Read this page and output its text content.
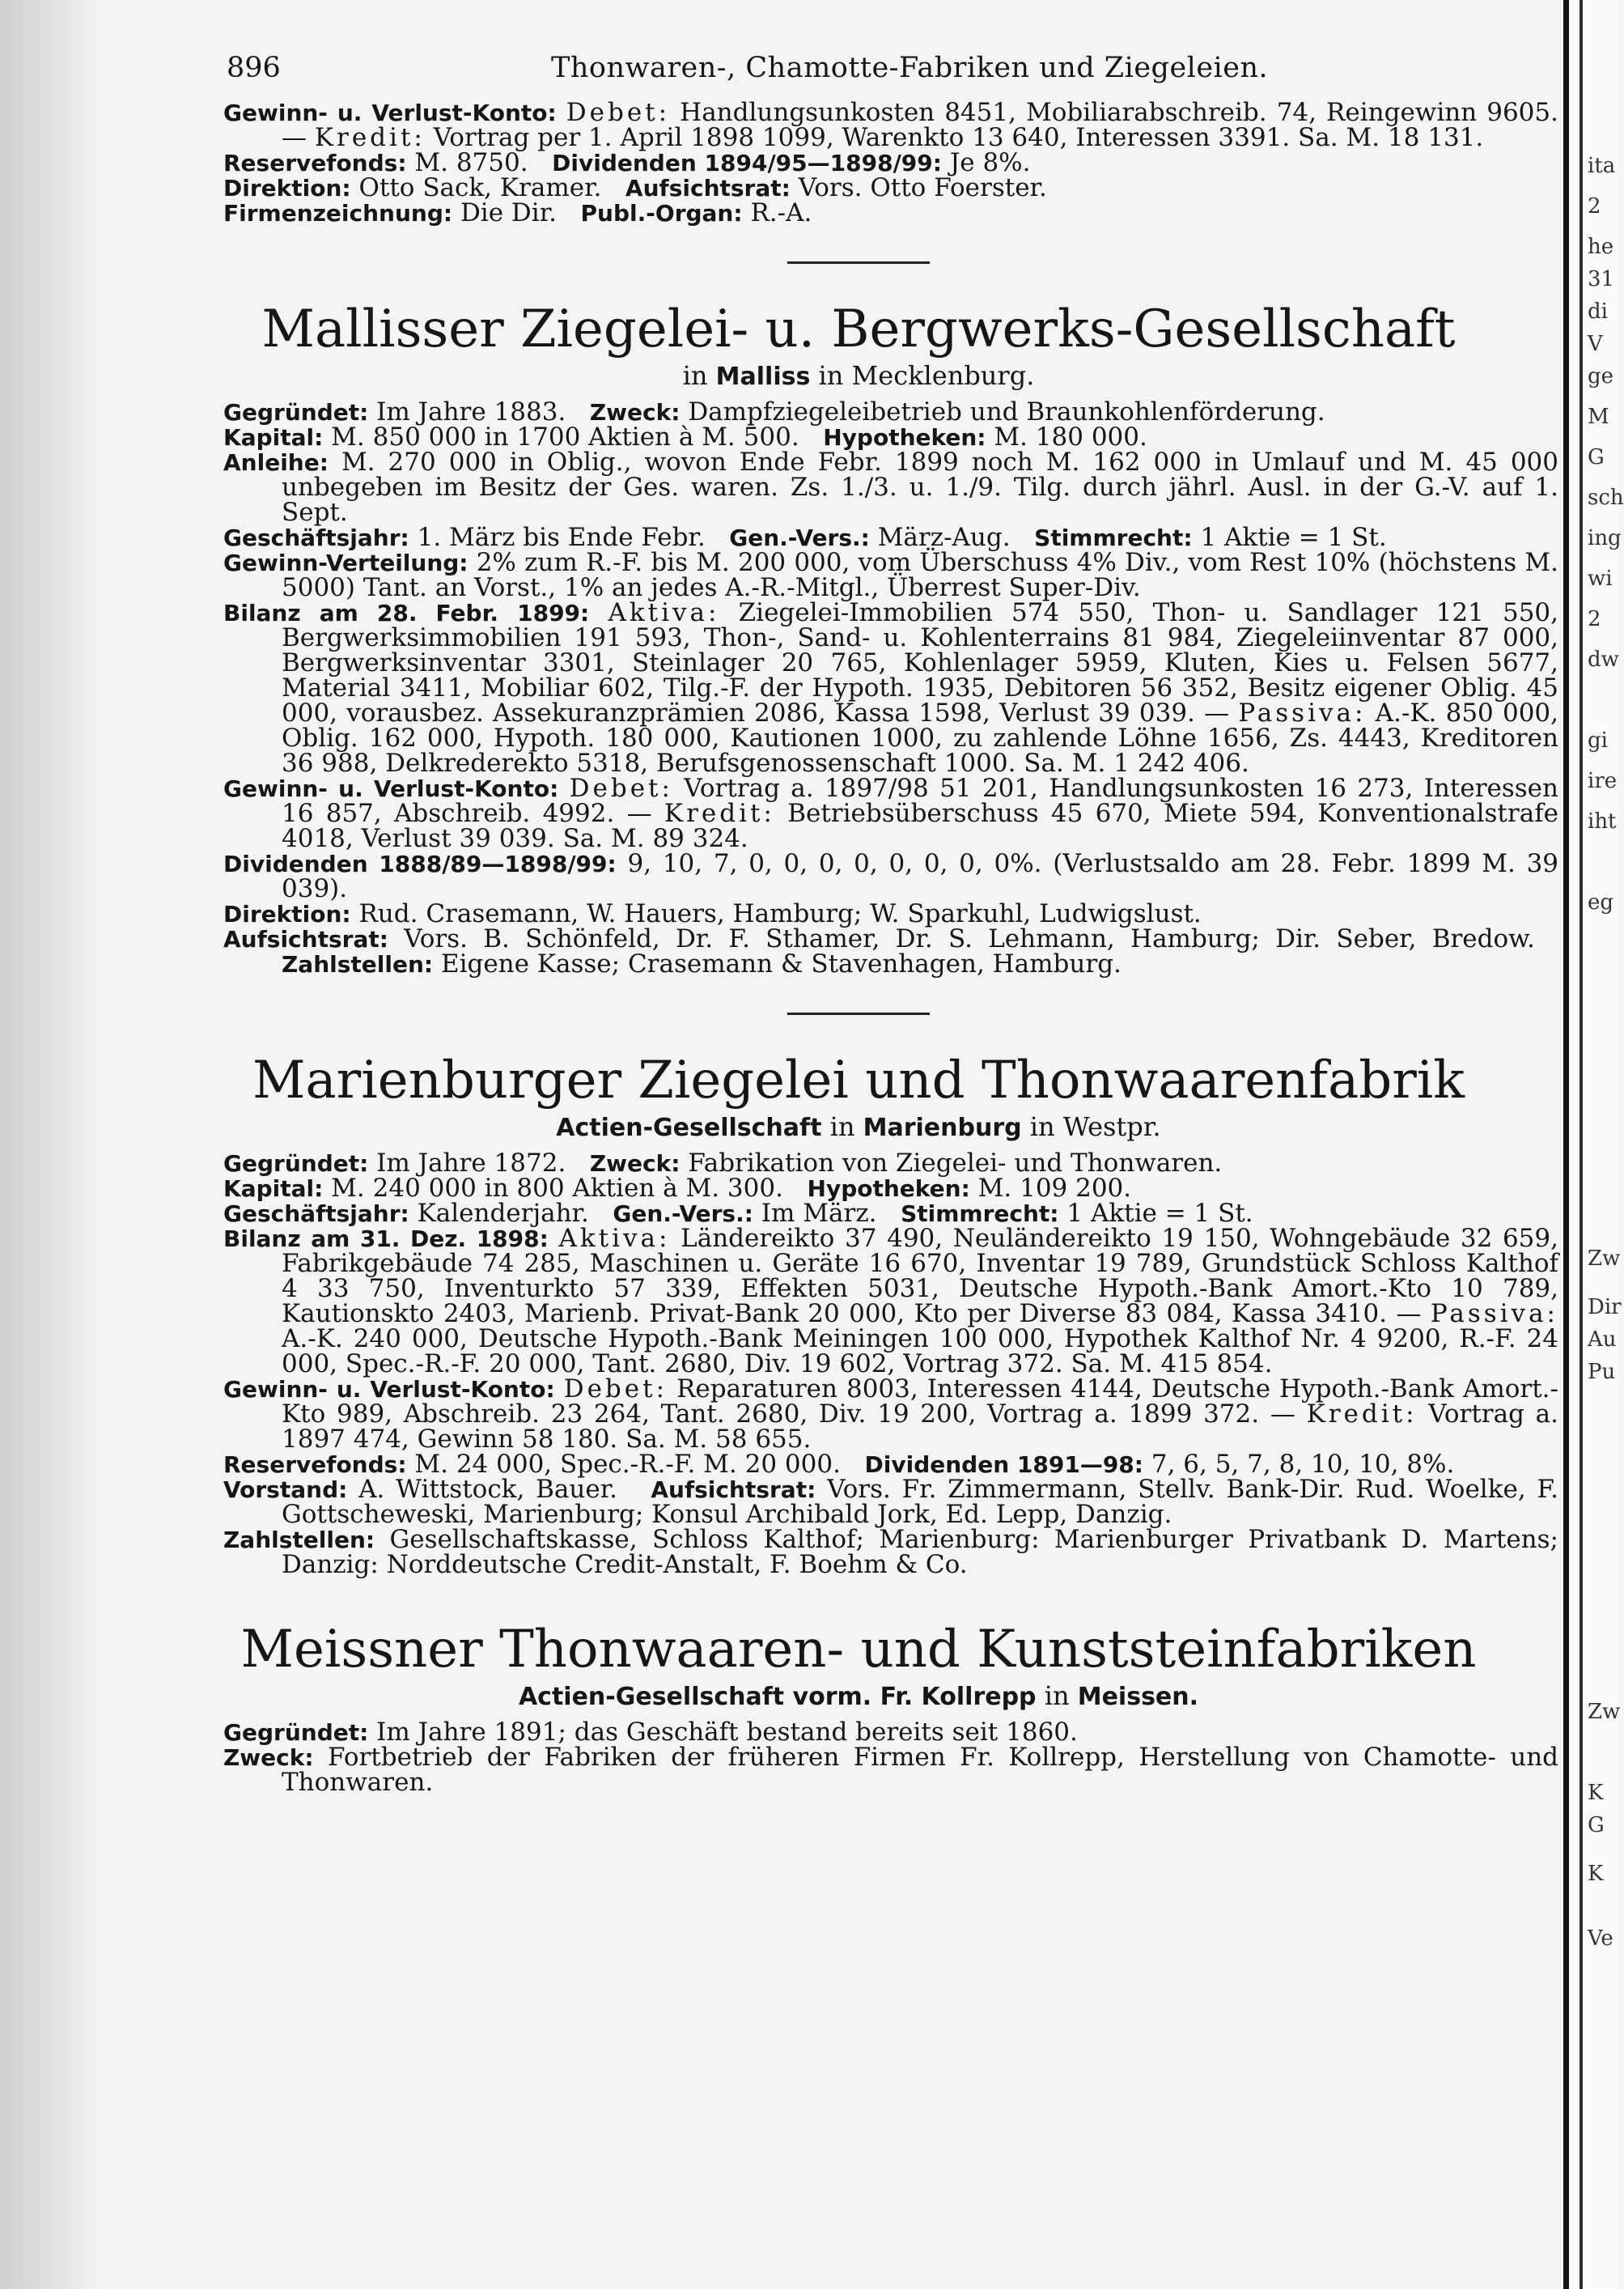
896	Thonwaren-, Chamotte-Fabriken und Ziegeleien.

Gewinn- u. Verlust-Konto: Debet: Handlungsunkosten 8451, Mobiliarabschreib. 74, Reingewinn 9605. — Kredit: Vortrag per 1. April 1898 1099, Warenkto 13 640, Interessen 3391. Sa. M. 18 131.

Reservefonds: M. 8750. Dividenden 1894/95—1898/99: Je 8%.

Direktion: Otto Sack, Kramer. Aufsichtsrat: Vors. Otto Foerster.

Firmenzeichnung: Die Dir. Publ.-Organ: R.-A.

Mallisser Ziegelei- u. Bergwerks-Gesellschaft
in Malliss in Mecklenburg.

Gegründet: Im Jahre 1883. Zweck: Dampfziegeleibetrieb und Braunkohlenförderung.

Kapital: M. 850 000 in 1700 Aktien à M. 500. Hypotheken: M. 180 000.

Anleihe: M. 270 000 in Oblig., wovon Ende Febr. 1899 noch M. 162 000 in Umlauf und M. 45 000 unbegeben im Besitz der Ges. waren. Zs. 1./3. u. 1./9. Tilg. durch jährl. Ausl. in der G.-V. auf 1. Sept.

Geschäftsjahr: 1. März bis Ende Febr. Gen.-Vers.: März-Aug. Stimmrecht: 1 Aktie = 1 St.

Gewinn-Verteilung: 2% zum R.-F. bis M. 200 000, vom Überschuss 4% Div., vom Rest 10% (höchstens M. 5000) Tant. an Vorst., 1% an jedes A.-R.-Mitgl., Überrest Super-Div.

Bilanz am 28. Febr. 1899: Aktiva: Ziegelei-Immobilien 574 550, Thon- u. Sandlager 121 550, Bergwerksimmobilien 191 593, Thon-, Sand- u. Kohlenterrains 81 984, Ziegeleiinventar 87 000, Bergwerksinventar 3301, Steinlager 20 765, Kohlenlager 5959, Kluten, Kies u. Felsen 5677, Material 3411, Mobiliar 602, Tilg.-F. der Hypoth. 1935, Debitoren 56 352, Besitz eigener Oblig. 45 000, vorausbez. Assekuranzprämien 2086, Kassa 1598, Verlust 39 039. — Passiva: A.-K. 850 000, Oblig. 162 000, Hypoth. 180 000, Kautionen 1000, zu zahlende Löhne 1656, Zs. 4443, Kreditoren 36 988, Delkrederekto 5318, Berufsgenossenschaft 1000. Sa. M. 1 242 406.

Gewinn- u. Verlust-Konto: Debet: Vortrag a. 1897/98 51 201, Handlungsunkosten 16 273, Interessen 16 857, Abschreib. 4992. — Kredit: Betriebsüberschuss 45 670, Miete 594, Konventionalstrafe 4018, Verlust 39 039. Sa. M. 89 324.

Dividenden 1888/89—1898/99: 9, 10, 7, 0, 0, 0, 0, 0, 0, 0, 0%. (Verlustsaldo am 28. Febr. 1899 M. 39 039).

Direktion: Rud. Crasemann, W. Hauers, Hamburg; W. Sparkuhl, Ludwigslust.

Aufsichtsrat: Vors. B. Schönfeld, Dr. F. Sthamer, Dr. S. Lehmann, Hamburg; Dir. Seber, Bredow.   Zahlstellen: Eigene Kasse; Crasemann & Stavenhagen, Hamburg.

Marienburger Ziegelei und Thonwaarenfabrik
Actien-Gesellschaft in Marienburg in Westpr.

Gegründet: Im Jahre 1872. Zweck: Fabrikation von Ziegelei- und Thonwaren.

Kapital: M. 240 000 in 800 Aktien à M. 300. Hypotheken: M. 109 200.

Geschäftsjahr: Kalenderjahr. Gen.-Vers.: Im März. Stimmrecht: 1 Aktie = 1 St.

Bilanz am 31. Dez. 1898: Aktiva: Ländereikto 37 490, Neuländereikto 19 150, Wohngebäude 32 659, Fabrikgebäude 74 285, Maschinen u. Geräte 16 670, Inventar 19 789, Grundstück Schloss Kalthof 4 33 750, Inventurkto 57 339, Effekten 5031, Deutsche Hypoth.-Bank Amort.-Kto 10 789, Kautionskto 2403, Marienb. Privat-Bank 20 000, Kto per Diverse 83 084, Kassa 3410. — Passiva: A.-K. 240 000, Deutsche Hypoth.-Bank Meiningen 100 000, Hypothek Kalthof Nr. 4 9200, R.-F. 24 000, Spec.-R.-F. 20 000, Tant. 2680, Div. 19 602, Vortrag 372. Sa. M. 415 854.

Gewinn- u. Verlust-Konto: Debet: Reparaturen 8003, Interessen 4144, Deutsche Hypoth.-Bank Amort.-Kto 989, Abschreib. 23 264, Tant. 2680, Div. 19 200, Vortrag a. 1899 372. — Kredit: Vortrag a. 1897 474, Gewinn 58 180. Sa. M. 58 655.

Reservefonds: M. 24 000, Spec.-R.-F. M. 20 000. Dividenden 1891—98: 7, 6, 5, 7, 8, 10, 10, 8%.

Vorstand: A. Wittstock, Bauer. Aufsichtsrat: Vors. Fr. Zimmermann, Stellv. Bank-Dir. Rud. Woelke, F. Gottscheweski, Marienburg; Konsul Archibald Jork, Ed. Lepp, Danzig.

Zahlstellen: Gesellschaftskasse, Schloss Kalthof; Marienburg: Marienburger Privatbank D. Martens; Danzig: Norddeutsche Credit-Anstalt, F. Boehm & Co.

Meissner Thonwaaren- und Kunststeinfabriken
Actien-Gesellschaft vorm. Fr. Kollrepp in Meissen.

Gegründet: Im Jahre 1891; das Geschäft bestand bereits seit 1860.

Zweck: Fortbetrieb der Fabriken der früheren Firmen Fr. Kollrepp, Herstellung von Chamotte- und Thonwaren.

ita
2
he
31
di
V
ge
M
G
sch
ing
wi
2
dw
gi
ire
iht
eg
Zw
Dir
Au
Pu
Zw
K
G
K
Ve
